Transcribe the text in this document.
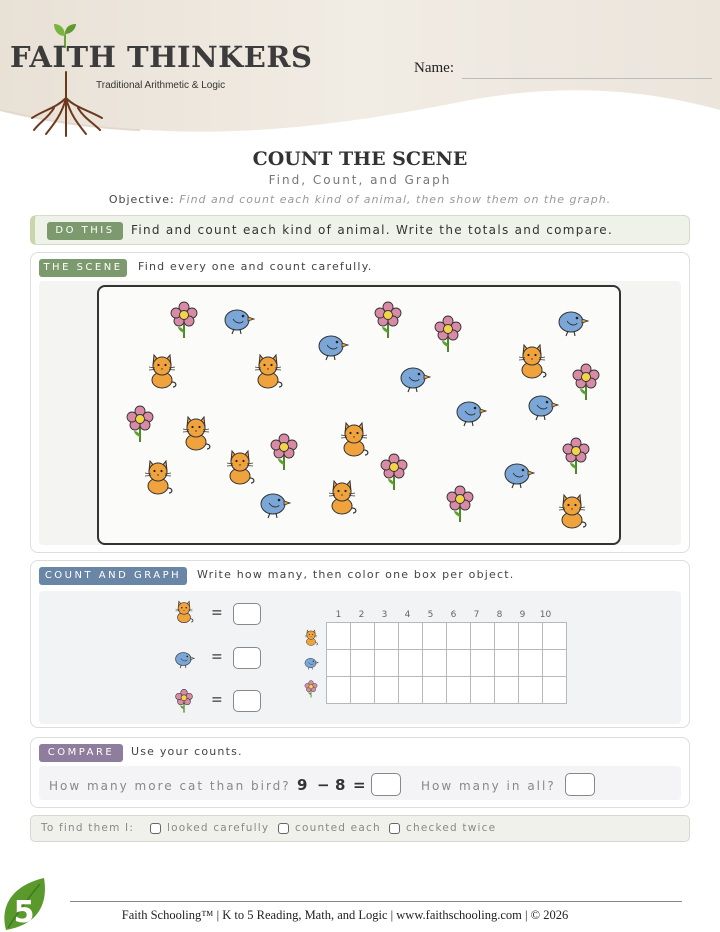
FAITH THINKERS
Traditional Arithmetic & Logic
Name:
COUNT THE SCENE
Find, Count, and Graph
Objective: Find and count each kind of animal, then show them on the graph.
DO THIS	Find and count each kind of animal. Write the totals and compare.
THE SCENE	Find every one and count carefully.
COUNT AND GRAPH	Write how many, then color one box per object.
=
=
=
1	2	3	4	5	6	7	8	9	10

COMPARE	Use your counts.
How many more cat than bird? 9 − 8 =	How many in all?
To find them I:	looked carefully counted each checked twice
5	Faith Schooling™ | K to 5 Reading, Math, and Logic | www.faithschooling.com | © 2026
